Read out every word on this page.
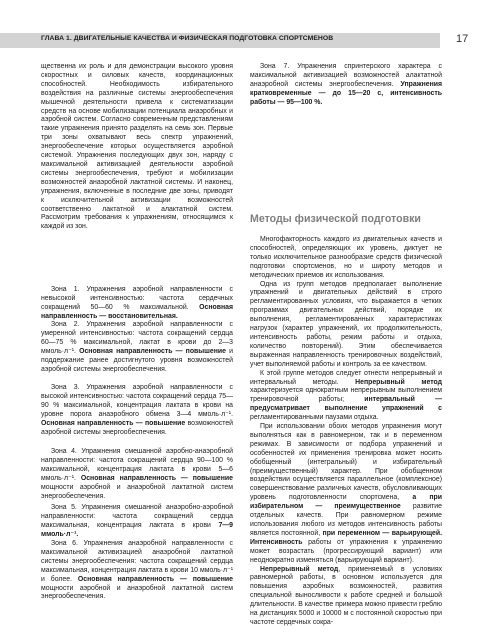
ГЛАВА 1. ДВИГАТЕЛЬНЫЕ КАЧЕСТВА И ФИЗИЧЕСКАЯ ПОДГОТОВКА СПОРТСМЕНОВ	17

щественна их роль и для демонстрации высокого уровня скоростных и силовых качеств, координационных способностей. Необходимость избирательного воздействия на различные системы энергообеспечения мышечной деятельности привела к систематизации средств на основе мобилизации потенциала анаэробных и аэробной систем. Согласно современным представлениям такие упражнения принято разделять на семь зон. Первые три зоны охватывают весь спектр упражнений, энергообеспечение которых осуществляется аэробной системой. Упражнения последующих двух зон, наряду с максимальной активизацией деятельности аэробной системы энергообеспечения, требуют и мобилизации возможностей анаэробной лактатной системы. И наконец, упражнения, включенные в последние две зоны, приводят к исключительной активизации возможностей соответственно лактатной и алактатной систем. Рассмотрим требования к упражнениям, относящимся к каждой из зон.

Зона 1. Упражнения аэробной направленности с невысокой интенсивностью: частота сердечных сокращений 50—60 % максимальной. Основная направленность — восстановительная.

Зона 2. Упражнения аэробной направленности с умеренной интенсивностью: частота сокращений сердца 60—75 % максимальной, лактат в крови до 2—3 ммоль·л⁻¹. Основная направленность — повышение и поддержание ранее достигнутого уровня возможностей аэробной системы энергообеспечения.

Зона 3. Упражнения аэробной направленности с высокой интенсивностью: частота сокращений сердца 75—90 % максимальной, концентрация лактата в крови на уровне порога анаэробного обмена 3—4 ммоль·л⁻¹. Основная направленность — повышение возможностей аэробной системы энергообеспечения.

Зона 4. Упражнения смешанной аэробно-анаэробной направленности: частота сокращений сердца 90—100 % максимальной, концентрация лактата в крови 5—6 ммоль·л⁻¹. Основная направленность — повышение мощности аэробной и анаэробной лактатной систем энергообеспечения.

Зона 5. Упражнения смешанной анаэробно-аэробной направленности: частота сокращений сердца максимальная, концентрация лактата в крови 7—9 ммоль·л⁻¹.

Зона 6. Упражнения анаэробной направленности с максимальной активизацией анаэробной лактатной системы энергообеспечения: частота сокращений сердца максимальная, концентрация лактата в крови 10 ммоль·л⁻¹ и более. Основная направленность — повышение мощности аэробной и анаэробной лактатной систем энергообеспечения.

Зона 7. Упражнения спринтерского характера с максимальной активизацией возможностей алактатной анаэробной системы энергообеспечения. Упражнения кратковременные — до 15—20 с, интенсивность работы — 95—100 %.

Методы физической подготовки

Многофакторность каждого из двигательных качеств и способностей, определяющих их уровень, диктует не только исключительное разнообразие средств физической подготовки спортсменов, но и широту методов и методических приемов их использования.

Одна из групп методов предполагает выполнение упражнений и двигательных действий в строго регламентированных условиях, что выражается в четких программах двигательных действий, порядке их выполнения, регламентированных характеристиках нагрузок (характер упражнений, их продолжительность, интенсивность работы, режим работы и отдыха, количество повторений). Этим обеспечивается выраженная направленность тренировочных воздействий, учет выполняемой работы и контроль за ее качеством.

К этой группе методов следует отнести непрерывный и интервальный методы. Непрерывный метод характеризуется однократным непрерывным выполнением тренировочной работы; интервальный — предусматривает выполнение упражнений с регламентированными паузами отдыха.

При использовании обоих методов упражнения могут выполняться как в равномерном, так и в переменном режимах. В зависимости от подбора упражнений и особенностей их применения тренировка может носить обобщенный (интегральный) и избирательный (преимущественный) характер. При обобщенном воздействии осуществляется параллельное (комплексное) совершенствование различных качеств, обусловливающих уровень подготовленности спортсмена, а при избирательном — преимущественное развитие отдельных качеств. При равномерном режиме использования любого из методов интенсивность работы является постоянной, при переменном — варьирующей. Интенсивность работы от упражнения к упражнению может возрастать (прогрессирующий вариант) или неоднократно изменяться (варьирующий вариант).

Непрерывный метод, применяемый в условиях равномерной работы, в основном используется для повышения аэробных возможностей, развития специальной выносливости к работе средней и большой длительности. В качестве примера можно привести греблю на дистанциях 5000 и 10000 м с постоянной скоростью при частоте сердечных сокра-
